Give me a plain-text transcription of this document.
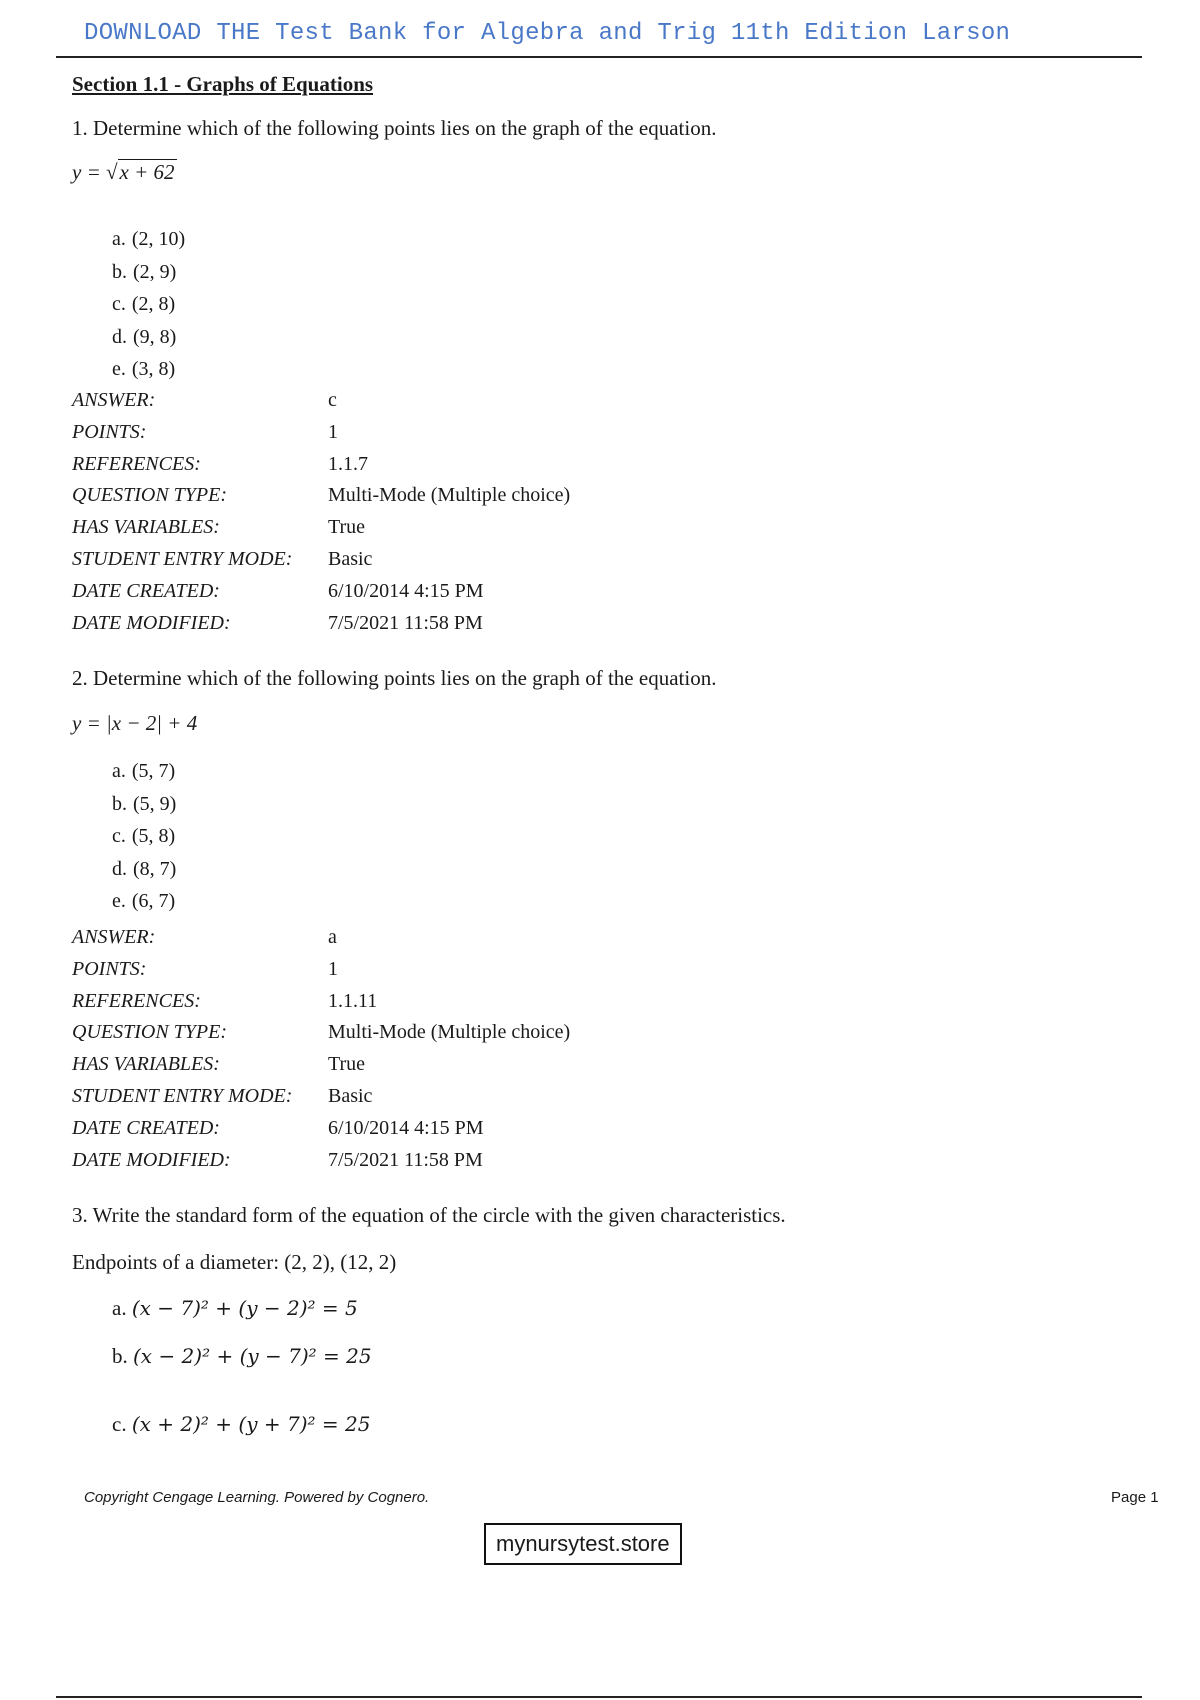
DOWNLOAD THE Test Bank for Algebra and Trig 11th Edition Larson
Section 1.1 - Graphs of Equations
1. Determine which of the following points lies on the graph of the equation.
y = √x + 62
a. (2, 10)
b. (2, 9)
c. (2, 8)
d. (9, 8)
e. (3, 8)
ANSWER:	c
POINTS:	1
REFERENCES:	1.1.7
QUESTION TYPE:	Multi-Mode (Multiple choice)
HAS VARIABLES:	True
STUDENT ENTRY MODE:	Basic
DATE CREATED:	6/10/2014 4:15 PM
DATE MODIFIED:	7/5/2021 11:58 PM
2. Determine which of the following points lies on the graph of the equation.
y = |x − 2| + 4
a. (5, 7)
b. (5, 9)
c. (5, 8)
d. (8, 7)
e. (6, 7)
ANSWER:	a
POINTS:	1
REFERENCES:	1.1.11
QUESTION TYPE:	Multi-Mode (Multiple choice)
HAS VARIABLES:	True
STUDENT ENTRY MODE:	Basic
DATE CREATED:	6/10/2014 4:15 PM
DATE MODIFIED:	7/5/2021 11:58 PM
3. Write the standard form of the equation of the circle with the given characteristics.
Endpoints of a diameter: (2, 2), (12, 2)
a. (x − 7)² + (y − 2)² = 5
b. (x − 2)² + (y − 7)² = 25
c. (x + 2)² + (y + 7)² = 25
Copyright Cengage Learning. Powered by Cognero.	Page 1
mynursytest.store
